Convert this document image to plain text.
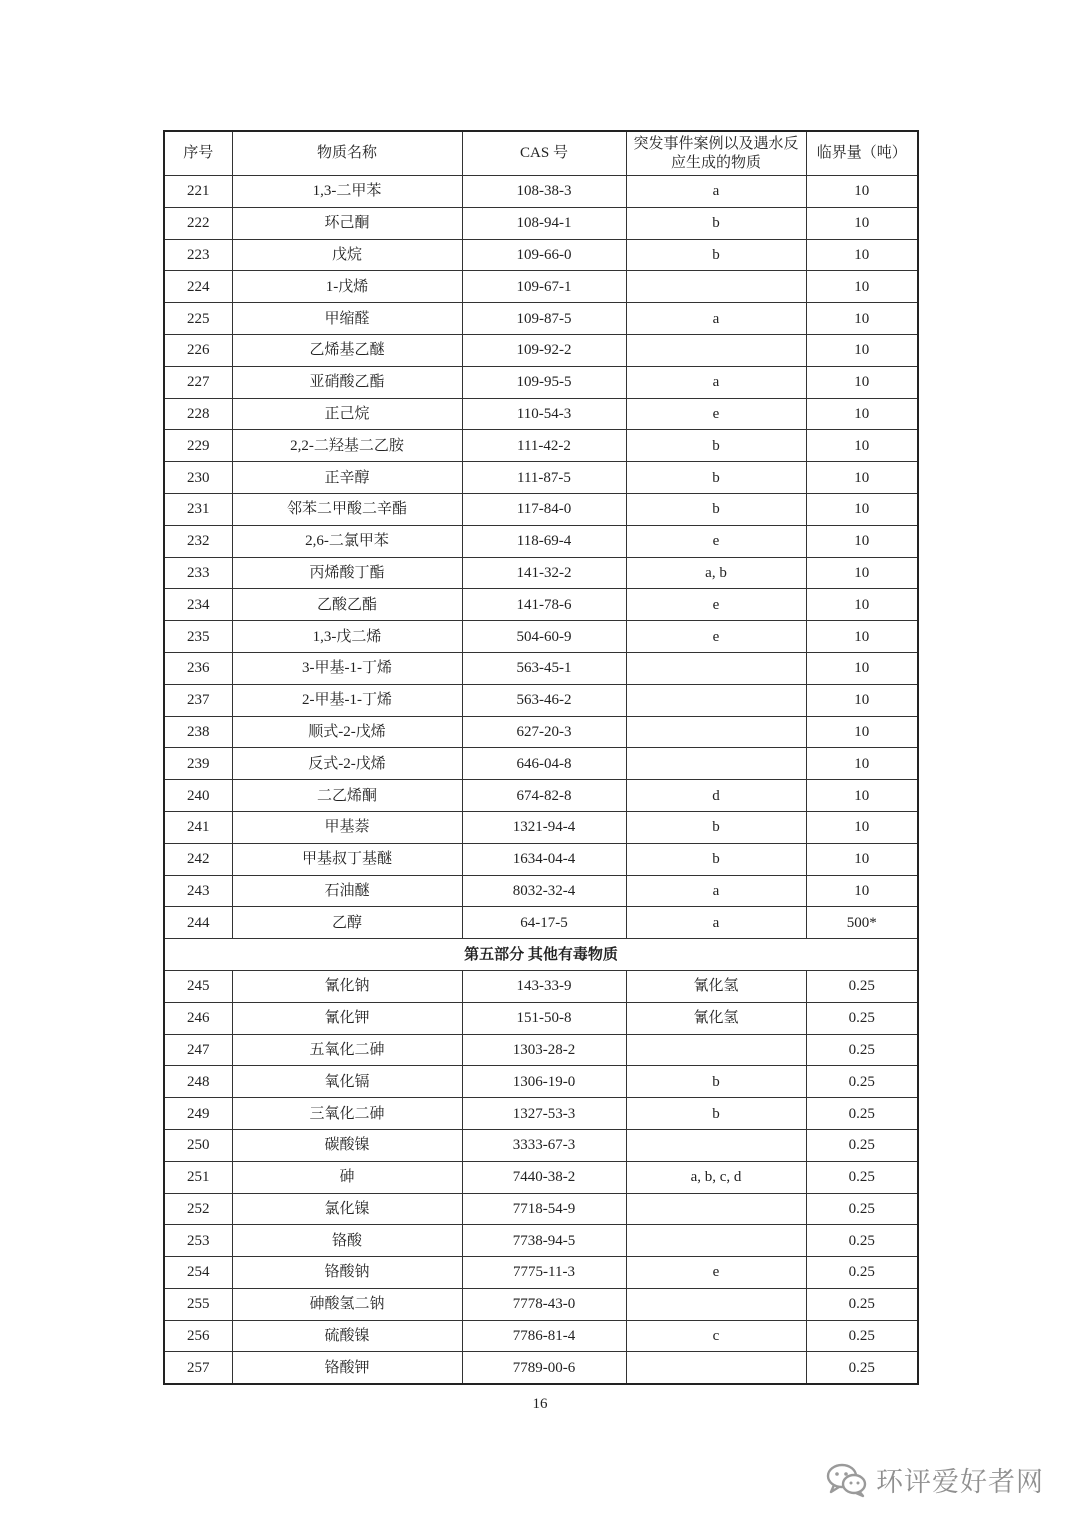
序号	物质名称	CAS 号	突发事件案例以及遇水反应生成的物质	临界量（吨）
221	1,3-二甲苯	108-38-3	a	10
222	环己酮	108-94-1	b	10
223	戊烷	109-66-0	b	10
224	1-戊烯	109-67-1		10
225	甲缩醛	109-87-5	a	10
226	乙烯基乙醚	109-92-2		10
227	亚硝酸乙酯	109-95-5	a	10
228	正己烷	110-54-3	e	10
229	2,2-二羟基二乙胺	111-42-2	b	10
230	正辛醇	111-87-5	b	10
231	邻苯二甲酸二辛酯	117-84-0	b	10
232	2,6-二氯甲苯	118-69-4	e	10
233	丙烯酸丁酯	141-32-2	a, b	10
234	乙酸乙酯	141-78-6	e	10
235	1,3-戊二烯	504-60-9	e	10
236	3-甲基-1-丁烯	563-45-1		10
237	2-甲基-1-丁烯	563-46-2		10
238	顺式-2-戊烯	627-20-3		10
239	反式-2-戊烯	646-04-8		10
240	二乙烯酮	674-82-8	d	10
241	甲基萘	1321-94-4	b	10
242	甲基叔丁基醚	1634-04-4	b	10
243	石油醚	8032-32-4	a	10
244	乙醇	64-17-5	a	500*
第五部分 其他有毒物质				
245	氰化钠	143-33-9	氰化氢	0.25
246	氰化钾	151-50-8	氰化氢	0.25
247	五氧化二砷	1303-28-2		0.25
248	氧化镉	1306-19-0	b	0.25
249	三氧化二砷	1327-53-3	b	0.25
250	碳酸镍	3333-67-3		0.25
251	砷	7440-38-2	a, b, c, d	0.25
252	氯化镍	7718-54-9		0.25
253	铬酸	7738-94-5		0.25
254	铬酸钠	7775-11-3	e	0.25
255	砷酸氢二钠	7778-43-0		0.25
256	硫酸镍	7786-81-4	c	0.25
257	铬酸钾	7789-00-6		0.25
16
环评爱好者网
